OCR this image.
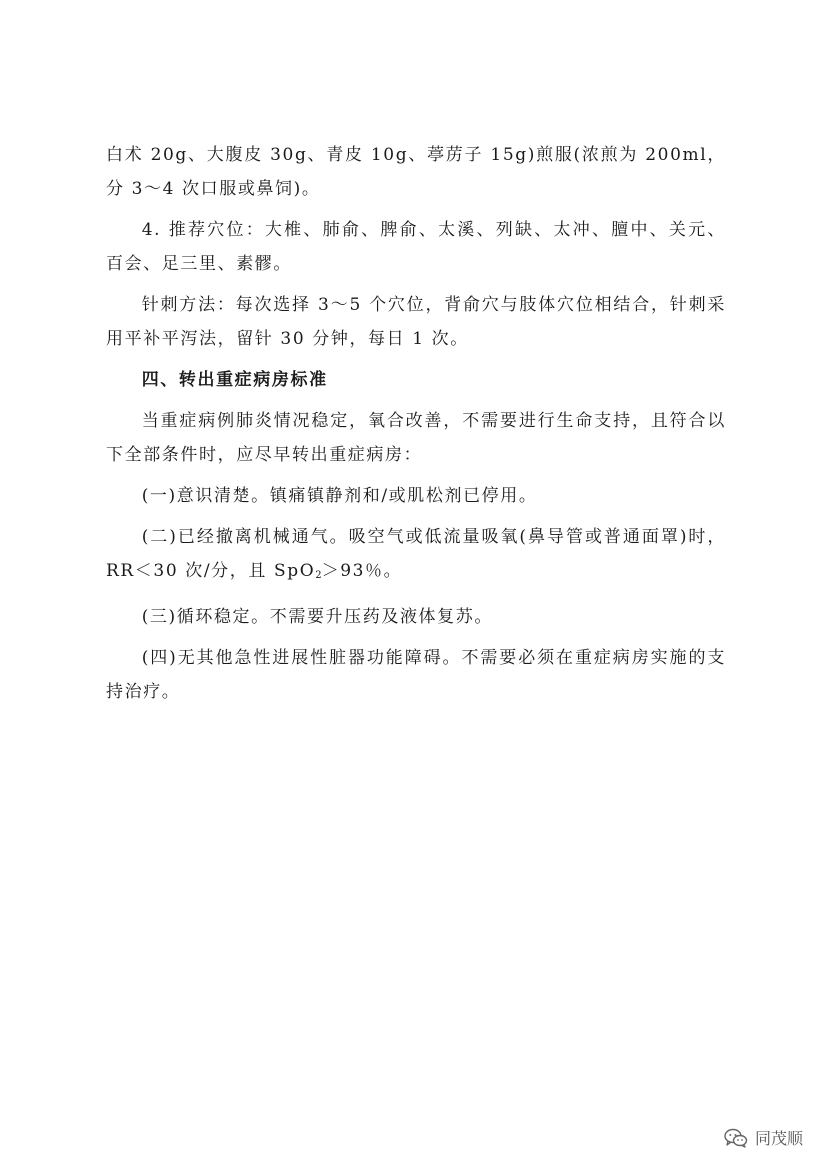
白术 20g、大腹皮 30g、青皮 10g、葶苈子 15g)煎服(浓煎为 200ml，分 3～4 次口服或鼻饲)。

4. 推荐穴位：大椎、肺俞、脾俞、太溪、列缺、太冲、膻中、关元、百会、足三里、素髎。

针刺方法：每次选择 3～5 个穴位，背俞穴与肢体穴位相结合，针刺采用平补平泻法，留针 30 分钟，每日 1 次。

四、转出重症病房标准

当重症病例肺炎情况稳定，氧合改善，不需要进行生命支持，且符合以下全部条件时，应尽早转出重症病房：

(一)意识清楚。镇痛镇静剂和/或肌松剂已停用。

(二)已经撤离机械通气。吸空气或低流量吸氧(鼻导管或普通面罩)时，RR＜30 次/分，且 SpO$_2$＞93％。

(三)循环稳定。不需要升压药及液体复苏。

(四)无其他急性进展性脏器功能障碍。不需要必须在重症病房实施的支持治疗。

同茂顺
